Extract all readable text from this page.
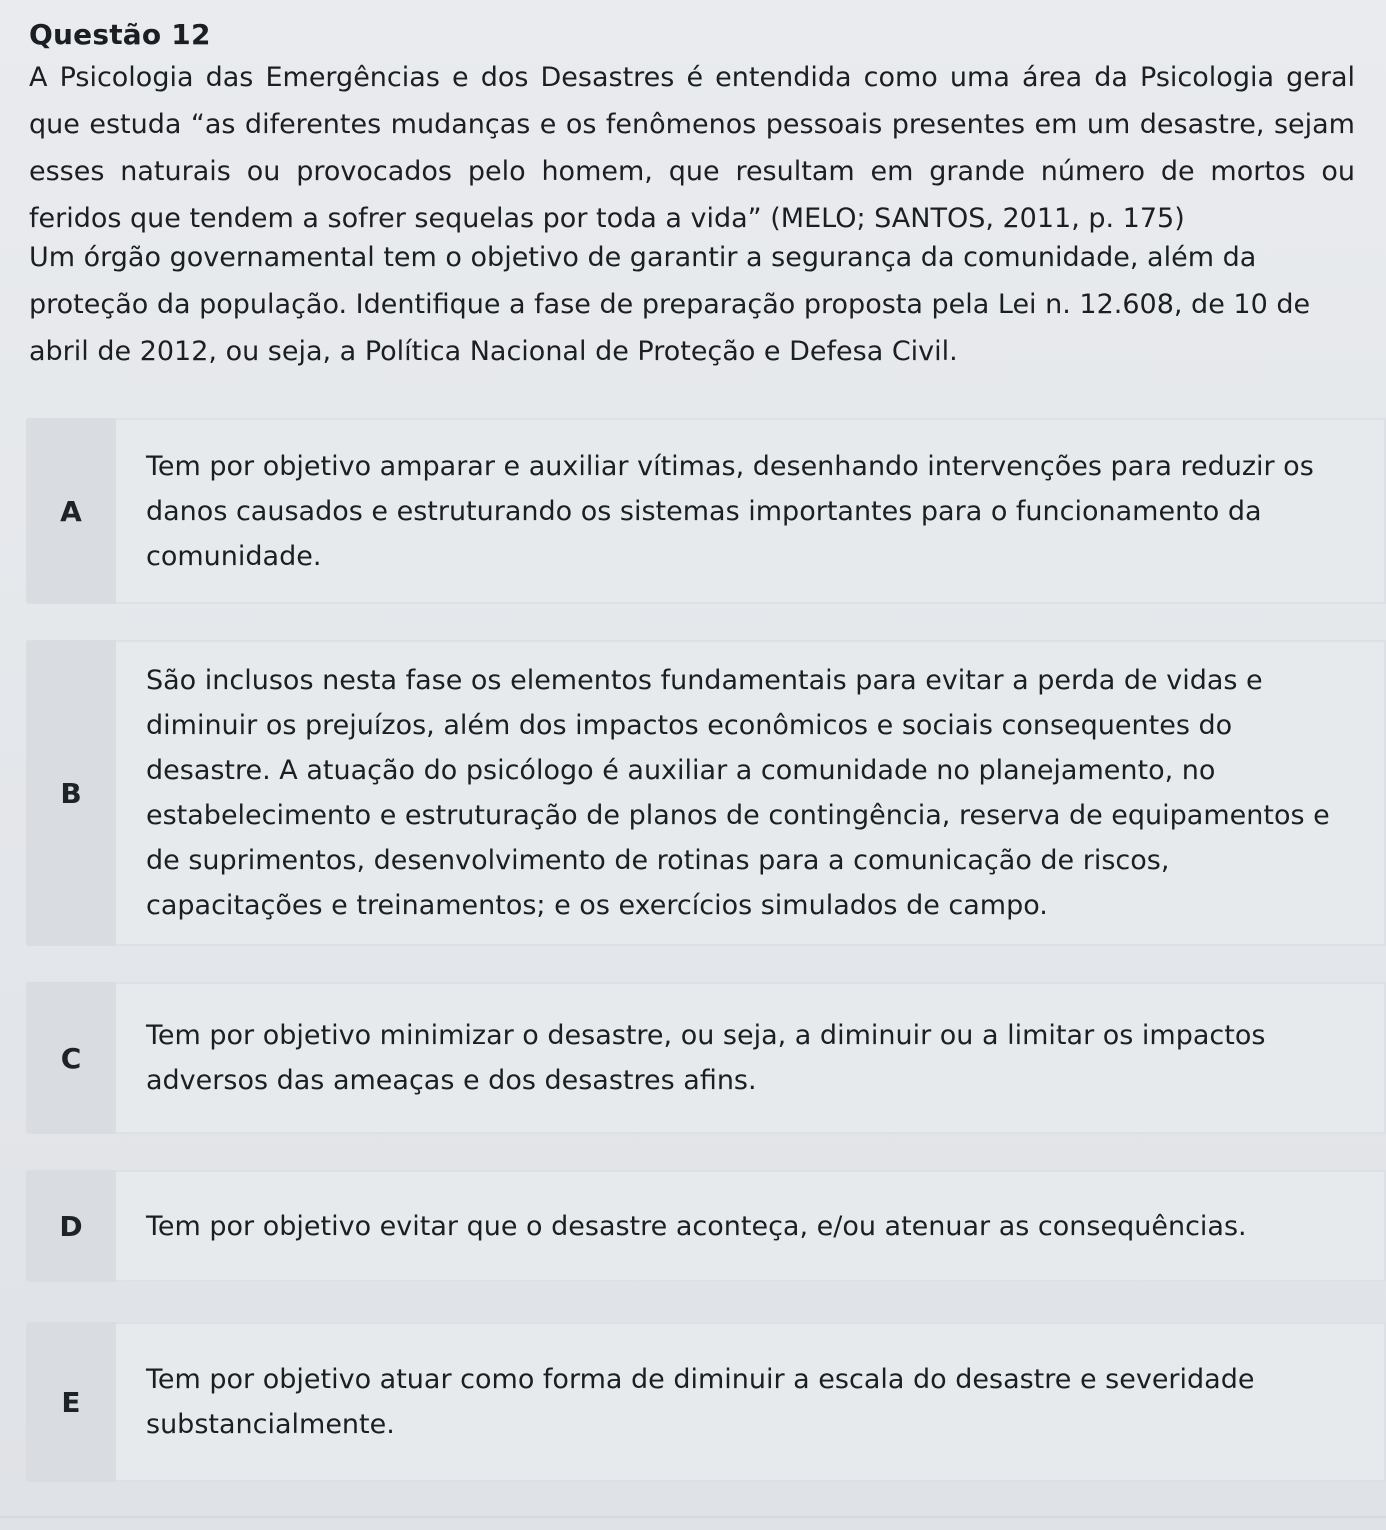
Questão 12

A Psicologia das Emergências e dos Desastres é entendida como uma área da Psicologia geral que estuda “as diferentes mudanças e os fenômenos pessoais presentes em um desastre, sejam esses naturais ou provocados pelo homem, que resultam em grande número de mortos ou feridos que tendem a sofrer sequelas por toda a vida” (MELO; SANTOS, 2011, p. 175)

Um órgão governamental tem o objetivo de garantir a segurança da comunidade, além da proteção da população. Identifique a fase de preparação proposta pela Lei n. 12.608, de 10 de abril de 2012, ou seja, a Política Nacional de Proteção e Defesa Civil.

A
Tem por objetivo amparar e auxiliar vítimas, desenhando intervenções para reduzir os danos causados e estruturando os sistemas importantes para o funcionamento da comunidade.
B
São inclusos nesta fase os elementos fundamentais para evitar a perda de vidas e diminuir os prejuízos, além dos impactos econômicos e sociais consequentes do desastre. A atuação do psicólogo é auxiliar a comunidade no planejamento, no estabelecimento e estruturação de planos de contingência, reserva de equipamentos e de suprimentos, desenvolvimento de rotinas para a comunicação de riscos, capacitações e treinamentos; e os exercícios simulados de campo.
C
Tem por objetivo minimizar o desastre, ou seja, a diminuir ou a limitar os impactos adversos das ameaças e dos desastres afins.
D	Tem por objetivo evitar que o desastre aconteça, e/ou atenuar as consequências.
E
Tem por objetivo atuar como forma de diminuir a escala do desastre e severidade substancialmente.
